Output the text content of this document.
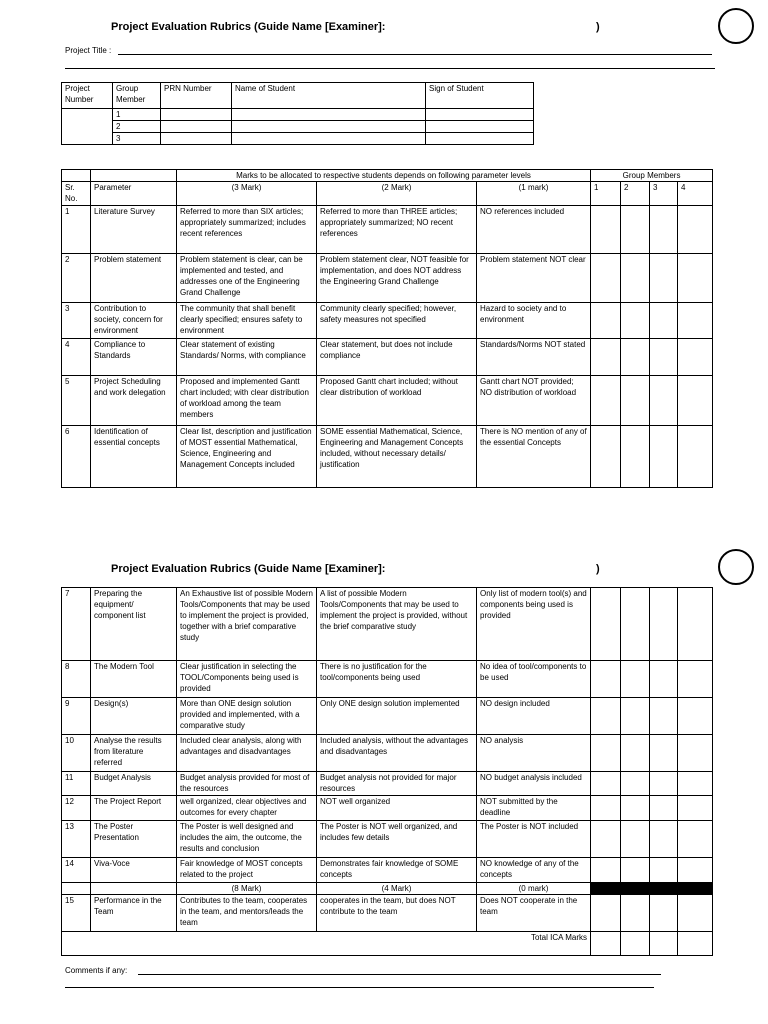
Project Evaluation Rubrics (Guide Name [Examiner]:	)
Project Title :
Project Number	Group Member	PRN Number	Name of Student	Sign of Student
	1			
	2			
	3			
		Marks to be allocated to respective students depends on following parameter levels			Group Members			
Sr. No.	Parameter	(3 Mark)	(2 Mark)	(1 mark)	1	2	3	4
1	Literature Survey	Referred to more than SIX articles; appropriately summarized; includes recent references	Referred to more than THREE articles; appropriately summarized; NO recent references	NO references included				
2	Problem statement	Problem statement is clear, can be implemented and tested, and addresses one of the Engineering Grand Challenge	Problem statement clear, NOT feasible for implementation, and does NOT address the Engineering Grand Challenge	Problem statement NOT clear				
3	Contribution to society, concern for environment	The community that shall benefit clearly specified; ensures safety to environment	Community clearly specified; however, safety measures not specified	Hazard to society and to environment				
4	Compliance to Standards	Clear statement of existing Standards/ Norms, with compliance	Clear statement, but does not include compliance	Standards/Norms NOT stated				
5	Project Scheduling and work delegation	Proposed and implemented Gantt chart included; with clear distribution of workload among the team members	Proposed Gantt chart included; without clear distribution of workload	Gantt chart NOT provided; NO distribution of workload				
6	Identification of essential concepts	Clear list, description and justification of MOST essential Mathematical, Science, Engineering and Management Concepts included	SOME essential Mathematical, Science, Engineering and Management Concepts included, without necessary details/ justification	There is NO mention of any of the essential Concepts				
Project Evaluation Rubrics (Guide Name [Examiner]:	)
7	Preparing the equipment/ component list	An Exhaustive list of possible Modern Tools/Components that may be used to implement the project is provided, together with a brief comparative study	A list of possible Modern Tools/Components that may be used to implement the project is provided, without the brief comparative study	Only list of modern tool(s) and components being used is provided				
8	The Modern Tool	Clear justification in selecting the TOOL/Components being used is provided	There is no justification for the tool/components being used	No idea of tool/components to be used				
9	Design(s)	More than ONE design solution provided and implemented, with a comparative study	Only ONE design solution implemented	NO design included				
10	Analyse the results from literature referred	Included clear analysis, along with advantages and disadvantages	Included analysis, without the advantages and disadvantages	NO analysis				
11	Budget Analysis	Budget analysis provided for most of the resources	Budget analysis not provided for major resources	NO budget analysis included				
12	The Project Report	well organized, clear objectives and outcomes for every chapter	NOT well organized	NOT submitted by the deadline				
13	The Poster Presentation	The Poster is well designed and includes the aim, the outcome, the results and conclusion	The Poster is NOT well organized, and includes few details	The Poster is NOT included				
14	Viva-Voce	Fair knowledge of MOST concepts related to the project	Demonstrates fair knowledge of SOME concepts	NO knowledge of any of the concepts				
		(8 Mark)	(4 Mark)	(0 mark)				
15	Performance in the Team	Contributes to the team, cooperates in the team, and mentors/leads the team	cooperates in the team, but does NOT contribute to the team	Does NOT cooperate in the team				
Total ICA Marks								
Comments if any:
